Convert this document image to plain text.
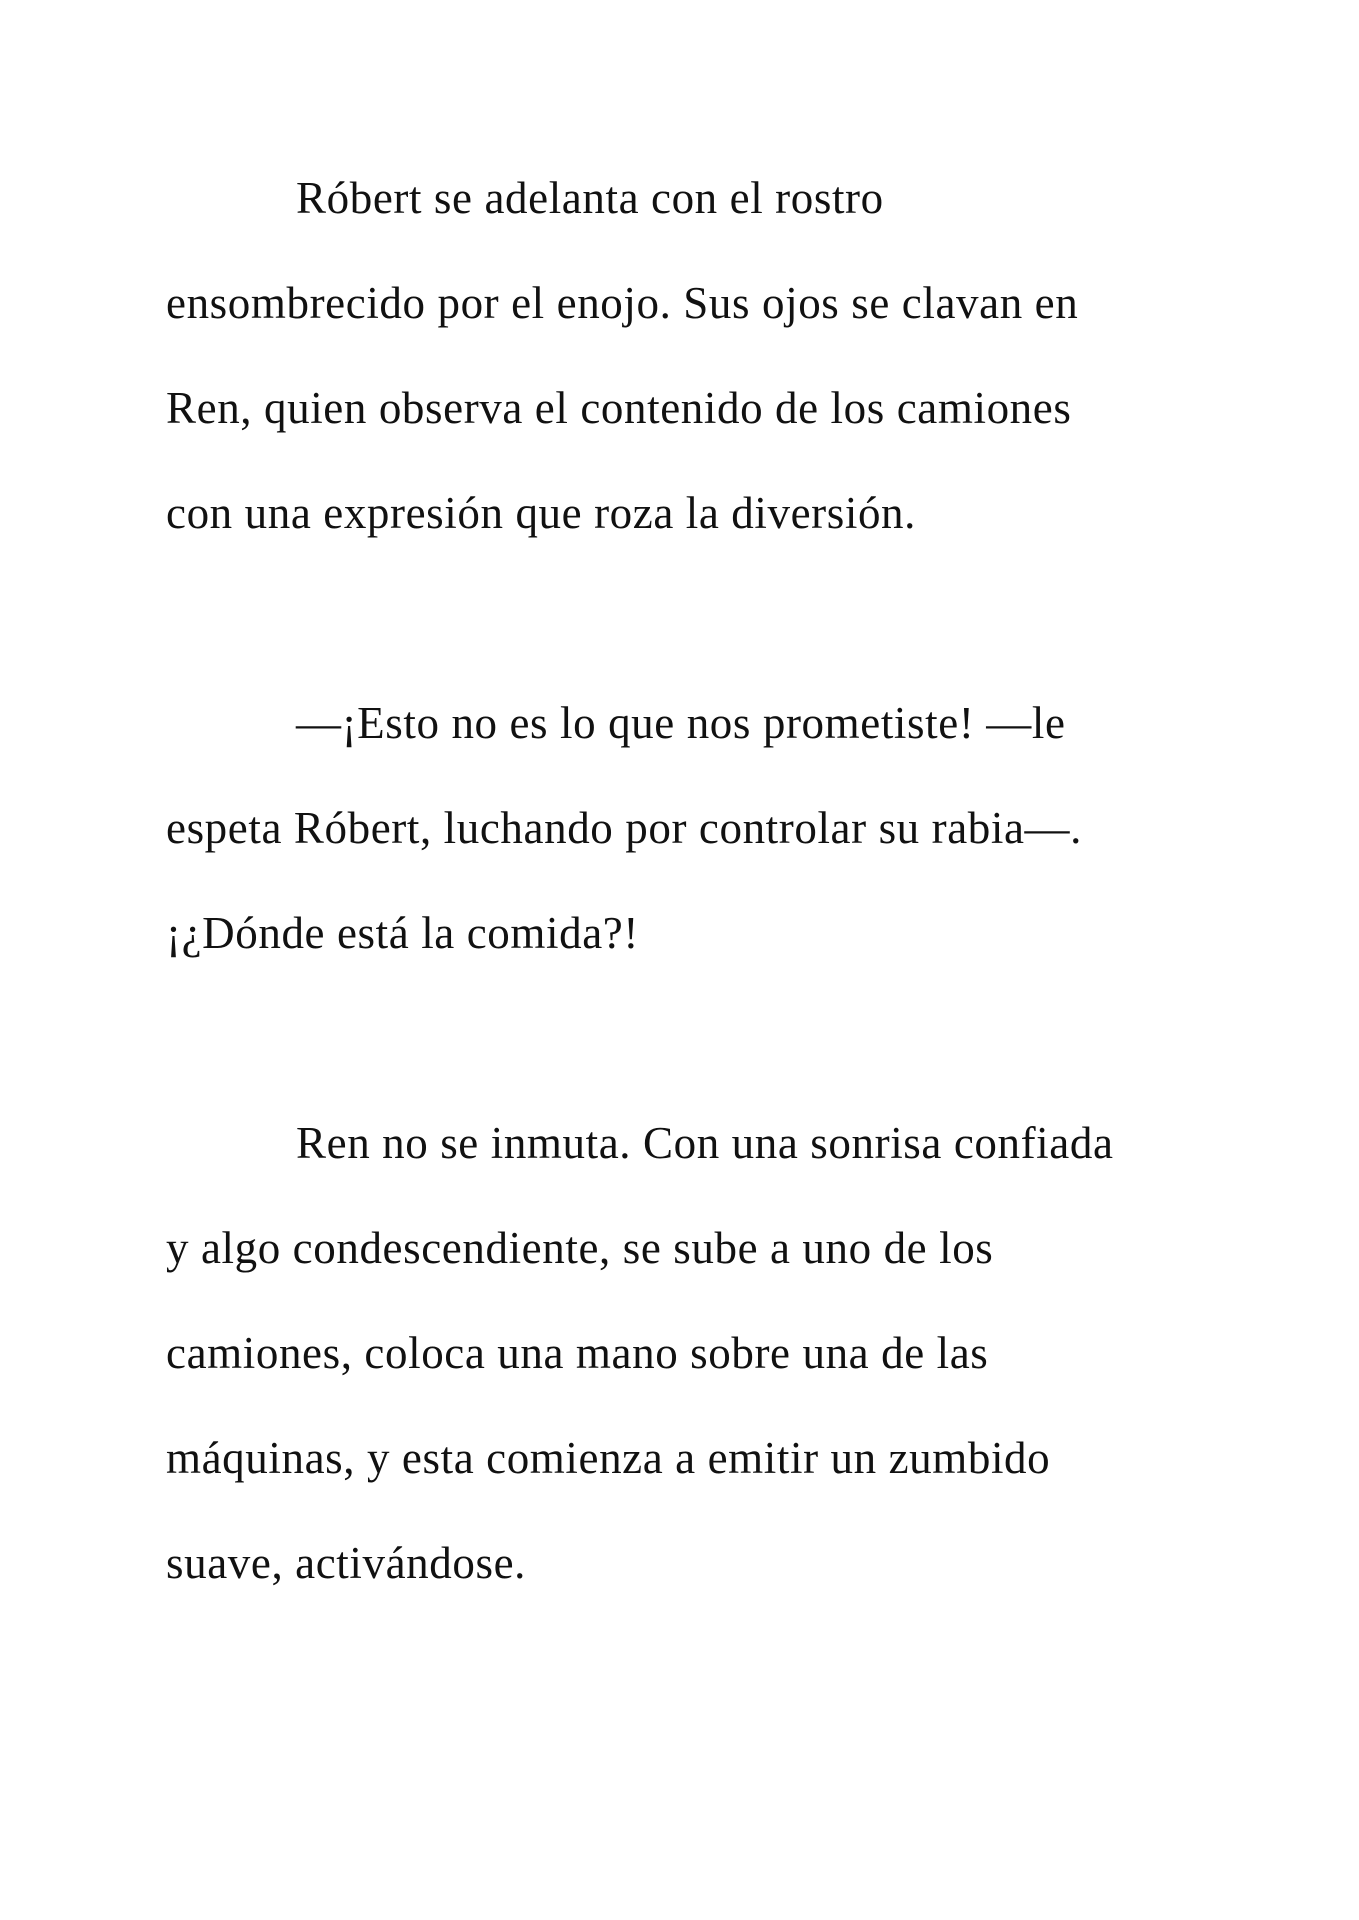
Róbert se adelanta con el rostro

ensombrecido por el enojo. Sus ojos se clavan en

Ren, quien observa el contenido de los camiones

con una expresión que roza la diversión.

—¡Esto no es lo que nos prometiste! —le

espeta Róbert, luchando por controlar su rabia—.

¡¿Dónde está la comida?!

Ren no se inmuta. Con una sonrisa confiada

y algo condescendiente, se sube a uno de los

camiones, coloca una mano sobre una de las

máquinas, y esta comienza a emitir un zumbido

suave, activándose.
